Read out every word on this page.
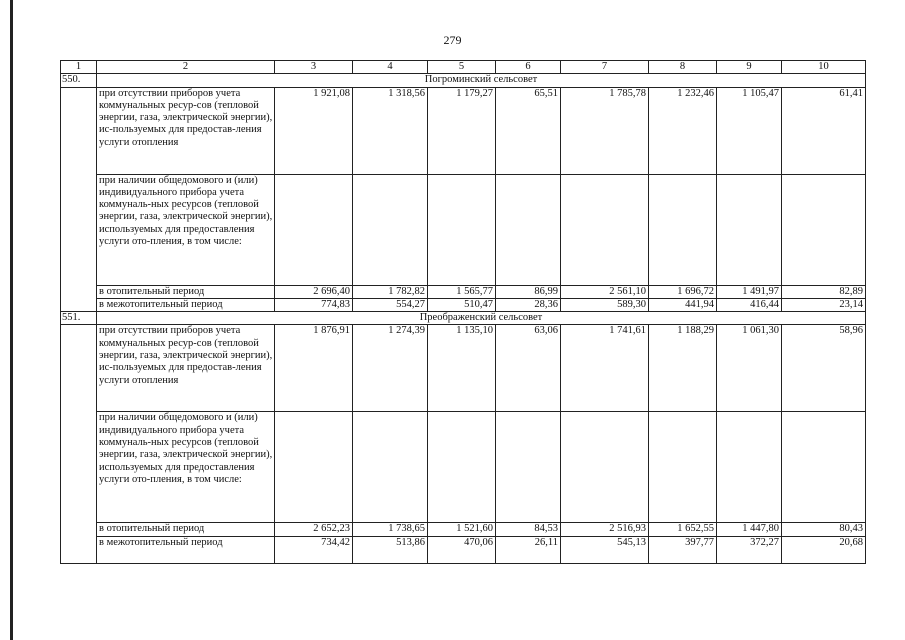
279
1	2	3	4	5	6	7	8	9	10
550.	Погроминский сельсовет								
	при отсутствии приборов учета коммунальных ресур-сов (тепловой энергии, газа, электрической энергии), ис-пользуемых для предостав-ления услуги отопления	1 921,08	1 318,56	1 179,27	65,51	1 785,78	1 232,46	1 105,47	61,41
	при наличии общедомового и (или) индивидуального прибора учета коммуналь-ных ресурсов (тепловой энергии, газа, электрической энергии), используемых для предоставления услуги ото-пления, в том числе:								
	в отопительный период	2 696,40	1 782,82	1 565,77	86,99	2 561,10	1 696,72	1 491,97	82,89
	в межотопительный период	774,83	554,27	510,47	28,36	589,30	441,94	416,44	23,14
551.	Преображенский сельсовет								
	при отсутствии приборов учета коммунальных ресур-сов (тепловой энергии, газа, электрической энергии), ис-пользуемых для предостав-ления услуги отопления	1 876,91	1 274,39	1 135,10	63,06	1 741,61	1 188,29	1 061,30	58,96
	при наличии общедомового и (или) индивидуального прибора учета коммуналь-ных ресурсов (тепловой энергии, газа, электрической энергии), используемых для предоставления услуги ото-пления, в том числе:								
	в отопительный период	2 652,23	1 738,65	1 521,60	84,53	2 516,93	1 652,55	1 447,80	80,43
	в межотопительный период	734,42	513,86	470,06	26,11	545,13	397,77	372,27	20,68
